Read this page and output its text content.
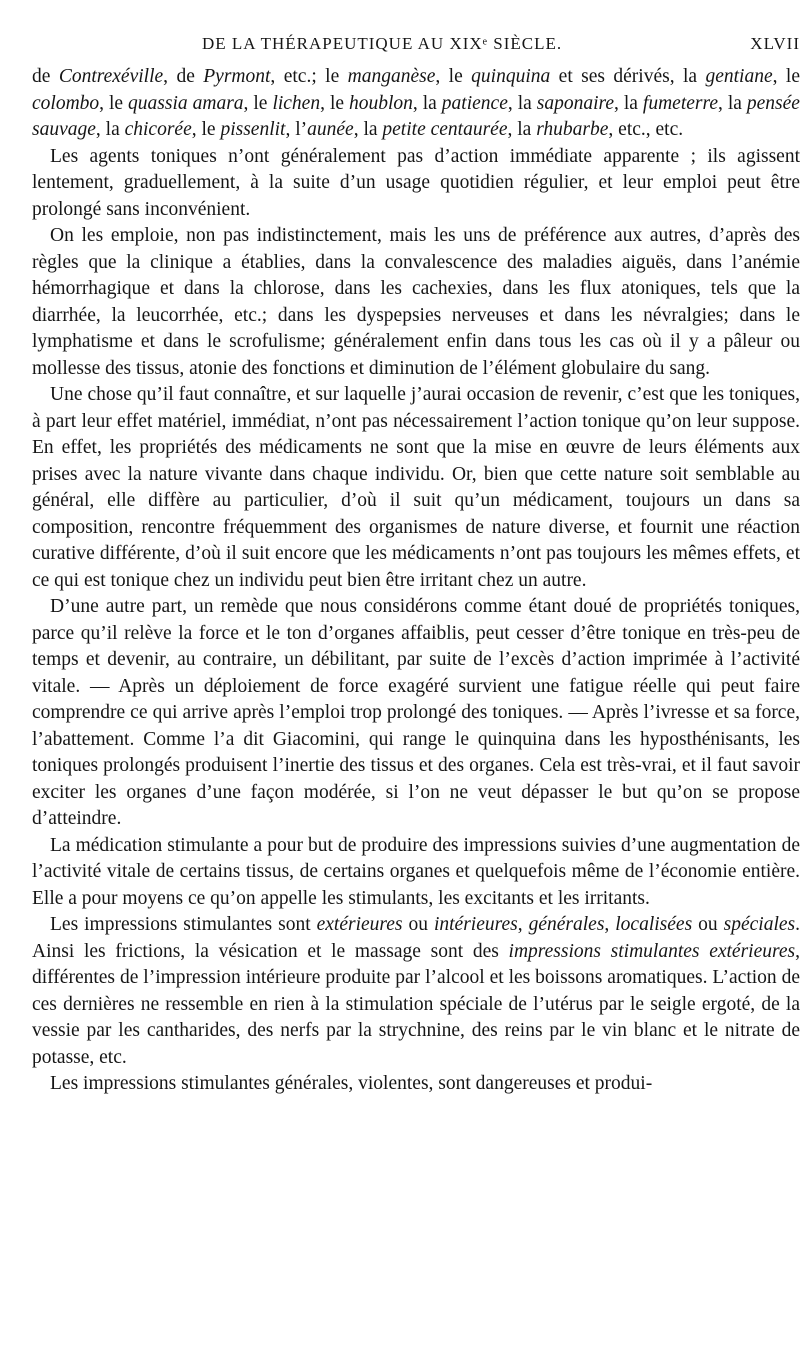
DE LA THÉRAPEUTIQUE AU XIXᵉ SIÈCLE.	XLVII

de Contrexéville, de Pyrmont, etc.; le manganèse, le quinquina et ses dérivés, la gentiane, le colombo, le quassia amara, le lichen, le houblon, la patience, la saponaire, la fumeterre, la pensée sauvage, la chicorée, le pissenlit, l’aunée, la petite centaurée, la rhubarbe, etc., etc.

Les agents toniques n’ont généralement pas d’action immédiate apparente ; ils agissent lentement, graduellement, à la suite d’un usage quotidien régulier, et leur emploi peut être prolongé sans inconvénient.

On les emploie, non pas indistinctement, mais les uns de préférence aux autres, d’après des règles que la clinique a établies, dans la convalescence des maladies aiguës, dans l’anémie hémorrhagique et dans la chlorose, dans les cachexies, dans les flux atoniques, tels que la diarrhée, la leucorrhée, etc.; dans les dyspepsies nerveuses et dans les névralgies; dans le lymphatisme et dans le scrofulisme; généralement enfin dans tous les cas où il y a pâleur ou mollesse des tissus, atonie des fonctions et diminution de l’élément globulaire du sang.

Une chose qu’il faut connaître, et sur laquelle j’aurai occasion de revenir, c’est que les toniques, à part leur effet matériel, immédiat, n’ont pas nécessairement l’action tonique qu’on leur suppose. En effet, les propriétés des médicaments ne sont que la mise en œuvre de leurs éléments aux prises avec la nature vivante dans chaque individu. Or, bien que cette nature soit semblable au général, elle diffère au particulier, d’où il suit qu’un médicament, toujours un dans sa composition, rencontre fréquemment des organismes de nature diverse, et fournit une réaction curative différente, d’où il suit encore que les médicaments n’ont pas toujours les mêmes effets, et ce qui est tonique chez un individu peut bien être irritant chez un autre.

D’une autre part, un remède que nous considérons comme étant doué de propriétés toniques, parce qu’il relève la force et le ton d’organes affaiblis, peut cesser d’être tonique en très-peu de temps et devenir, au contraire, un débilitant, par suite de l’excès d’action imprimée à l’activité vitale. — Après un déploiement de force exagéré survient une fatigue réelle qui peut faire comprendre ce qui arrive après l’emploi trop prolongé des toniques. — Après l’ivresse et sa force, l’abattement. Comme l’a dit Giacomini, qui range le quinquina dans les hyposthénisants, les toniques prolongés produisent l’inertie des tissus et des organes. Cela est très-vrai, et il faut savoir exciter les organes d’une façon modérée, si l’on ne veut dépasser le but qu’on se propose d’atteindre.

La médication stimulante a pour but de produire des impressions suivies d’une augmentation de l’activité vitale de certains tissus, de certains organes et quelquefois même de l’économie entière. Elle a pour moyens ce qu’on appelle les stimulants, les excitants et les irritants.

Les impressions stimulantes sont extérieures ou intérieures, générales, localisées ou spéciales. Ainsi les frictions, la vésication et le massage sont des impressions stimulantes extérieures, différentes de l’impression intérieure produite par l’alcool et les boissons aromatiques. L’action de ces dernières ne ressemble en rien à la stimulation spéciale de l’utérus par le seigle ergoté, de la vessie par les cantharides, des nerfs par la strychnine, des reins par le vin blanc et le nitrate de potasse, etc.

Les impressions stimulantes générales, violentes, sont dangereuses et produi-
